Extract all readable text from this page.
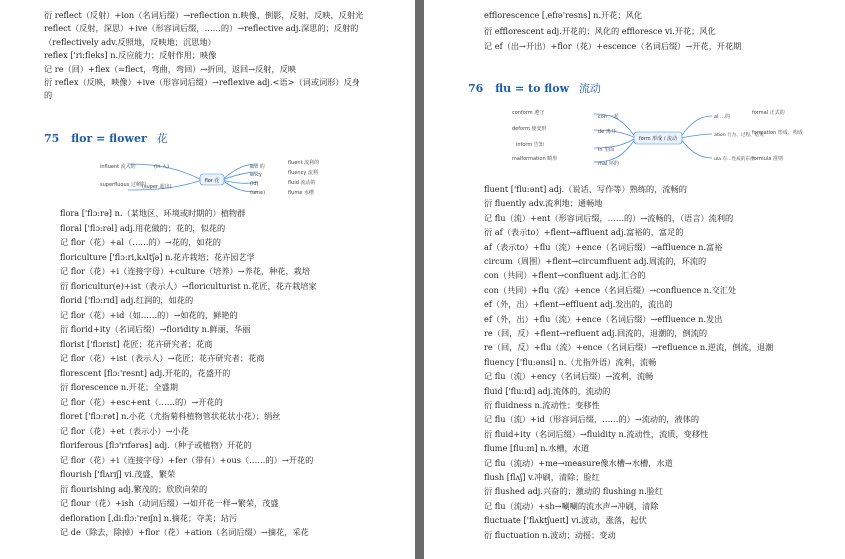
衍 reflect（反射）+ion（名词后缀）→reflection n.映像，倒影，反射，反映，反射光
reflect（反射，深思）+ive（形容词后缀，……的）→reflective adj.深思的；反射的
（reflectively adv.反照地，反映地；沉思地）
reflex ['ri:fleks] n.反应能力；反射作用；映像
记 re（回）+flex（=flect，弯曲，弯回）→折回，返回→反射，反映
衍 reflex（反映，映像）+ive（形容词后缀）→reflexive adj.<语>（词或词形）反身
的
75 flor = flower 花
flor 花
influent 流入的
superfluous 过剩的
(in 入)
(super 超出)
ent 的
ency
(id)
(ume)
fluent 流利的
fluency 流利
fluid 流动的
flume 水槽
flora ['flɔ:rə] n.（某地区、环境或时期的）植物群
floral ['flɔ:rəl] adj.用花做的；花的，似花的
记 flor（花）+al（……的）→花的，如花的
floriculture ['flɔ:ri,kʌltʃə] n.花卉栽培；花卉园艺学
记 flor（花）+i（连接字母）+culture（培养）→养花，种花，栽培
衍 floricultur(e)+ist（表示人）→floriculturist n.花匠，花卉栽培家
florid ['flɔ:rɪd] adj.红润的，如花的
记 flor（花）+id（如……的）→如花的，鲜艳的
衍 florid+ity（名词后缀）→floridity n.鲜丽，华丽
florist ['flɔrɪst] 花匠；花卉研究者；花商
记 flor（花）+ist（表示人）→花匠；花卉研究者；花商
florescent [flɔ:'resnt] adj.开花的，花盛开的
衍 florescence n.开花；全盛期
记 flor（花）+esc+ent（……的）→开花的
floret ['flɔ:rət] n.小花（尤指菊科植物管状花状小花）；绢丝
记 flor（花）+et（表示小）→小花
floriferous [flɔ'rɪfərəs] adj.（种子或植物）开花的
记 flor（花）+i（连接字母）+fer（带有）+ous（……的）→开花的
flourish ['flʌrɪʃ] vi.茂盛，繁荣
衍 flourishing adj.繁茂的；欣欣向荣的
记 flour（花）+ish（动词后缀）→如开花一样→繁荣，茂盛
defloration [ˌdi:flɔ:'reɪʃn] n.摘花；夺美；玷污
记 de（除去，除掉）+flor（花）+ation（名词后缀）→摘花，采花
efflorescence [ˌefɪə'resns] n.开花；风化
衍 efflorescent adj.开花的；风化的 effloresce vi.开花；风化
记 ef（出→开出）+flor（花）+escence（名词后缀）→开花，开花期
76 flu = to flow 流动
form 形成 / 流动
conform 遵守
deform 使变形
inform 告知
malformation 畸形
con 一起
de 离开
in 里面
mal 坏的
al …的
ation 行为、过程、结果
ula 有…性质的东西
formal 正式的
formation 形成、构成
formula 准则
fluent ['flu:ənt] adj.（说话、写作等）熟练的，流畅的
衍 fluently adv.流利地；通畅地
记 flu（流）+ent（形容词后缀，……的）→流畅的，（语言）流利的
衍 af（表示to）+flent→affluent adj.富裕的，富足的
af（表示to）+flu（流）+ence（名词后缀）→affluence n.富裕
circum（周围）+flent→circumfluent adj.周流的，环流的
con（共同）+flent→confluent adj.汇合的
con（共同）+flu（流）+ence（名词后缀）→confluence n.交汇处
ef（外，出）+flent→effluent adj.发出的，流出的
ef（外，出）+flu（流）+ence（名词后缀）→effluence n.发出
re（回，反）+flent→refluent adj.回流的，退潮的，倒流的
re（回，反）+flu（流）+ence（名词后缀）→refluence n.逆流，倒流，退潮
fluency ['flu:ənsi] n.（尤指外语）流利，流畅
记 flu（流）+ency（名词后缀）→流利，流畅
fluid ['flu:ɪd] adj.流体的，流动的
衍 fluidness n.流动性；变移性
记 flu（流）+id（形容词后缀，……的）→流动的，液体的
衍 fluid+ity（名词后缀）→fluidity n.流动性，流质，变移性
flume [flu:m] n.水槽，水道
记 flu（流动）+me→measure像水槽→水槽，水道
flush [flʌʃ] v.冲刷，清除；脸红
衍 flushed adj.兴奋的；激动的 flushing n.脸红
记 flu（流动）+sh→唰唰的流水声→冲刷，清除
fluctuate ['flʌktʃueɪt] vi.波动，涨落，起伏
衍 fluctuation n.波动；动摇；变动
